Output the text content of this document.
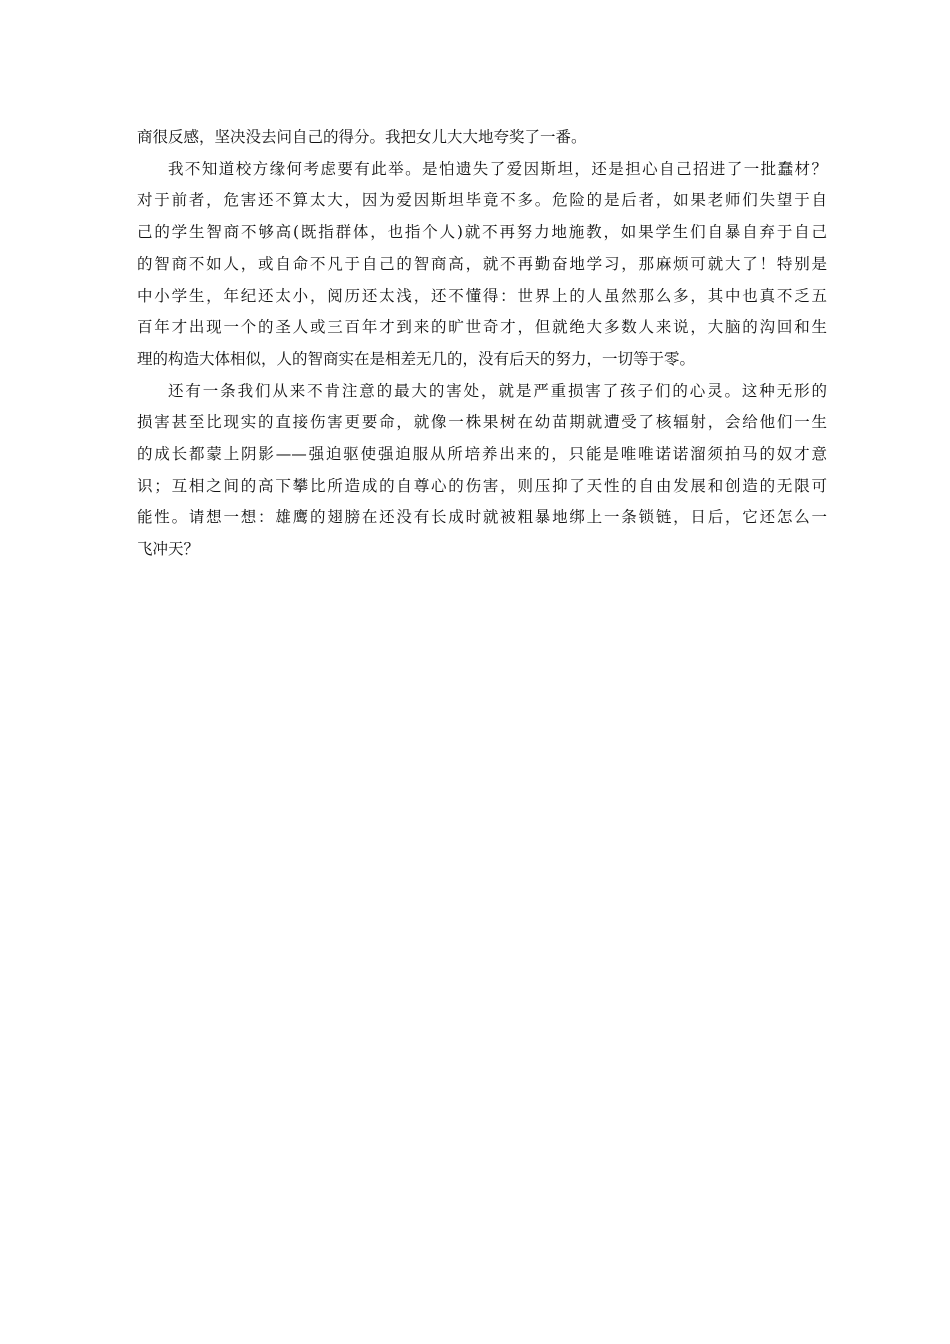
商很反感，坚决没去问自己的得分。我把女儿大大地夸奖了一番。
我不知道校方缘何考虑要有此举。是怕遗失了爱因斯坦，还是担心自己招进了一批蠢材？
对于前者，危害还不算太大，因为爱因斯坦毕竟不多。危险的是后者，如果老师们失望于自
己的学生智商不够高(既指群体，也指个人)就不再努力地施教，如果学生们自暴自弃于自己
的智商不如人，或自命不凡于自己的智商高，就不再勤奋地学习，那麻烦可就大了！特别是
中小学生，年纪还太小，阅历还太浅，还不懂得：世界上的人虽然那么多，其中也真不乏五
百年才出现一个的圣人或三百年才到来的旷世奇才，但就绝大多数人来说，大脑的沟回和生
理的构造大体相似，人的智商实在是相差无几的，没有后天的努力，一切等于零。
还有一条我们从来不肯注意的最大的害处，就是严重损害了孩子们的心灵。这种无形的
损害甚至比现实的直接伤害更要命，就像一株果树在幼苗期就遭受了核辐射，会给他们一生
的成长都蒙上阴影——强迫驱使强迫服从所培养出来的，只能是唯唯诺诺溜须拍马的奴才意
识；互相之间的高下攀比所造成的自尊心的伤害，则压抑了天性的自由发展和创造的无限可
能性。请想一想：雄鹰的翅膀在还没有长成时就被粗暴地绑上一条锁链，日后，它还怎么一
飞冲天？
